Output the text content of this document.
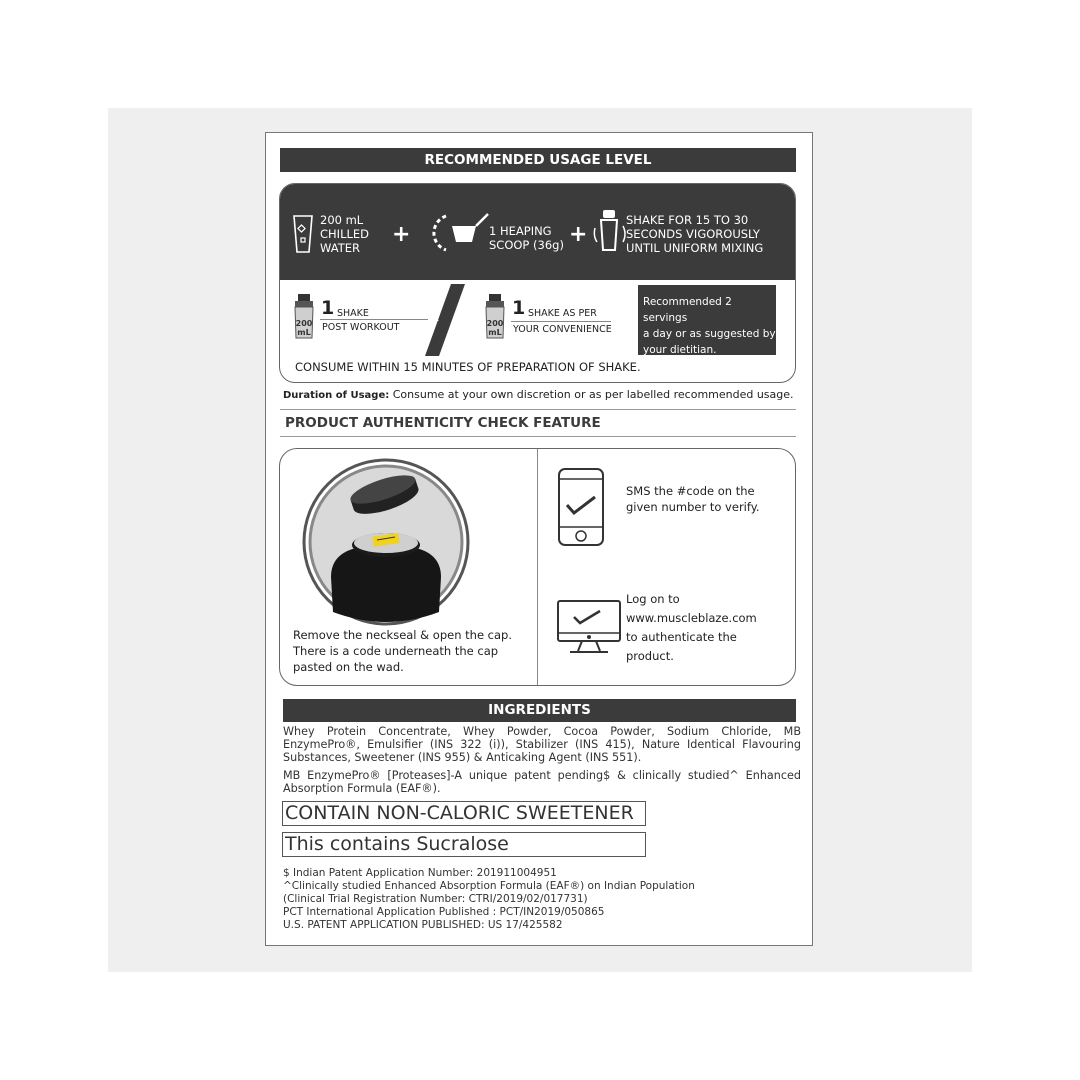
RECOMMENDED USAGE LEVEL
200 mL
CHILLED
WATER
+	1 HEAPING
SCOOP (36g) +
SHAKE FOR 15 TO 30
SECONDS VIGOROUSLY
UNTIL UNIFORM MIXING
200
mL
1 SHAKE
POST WORKOUT
&	200
mL
1 SHAKE AS PER
YOUR CONVENIENCE
Recommended 2 servings
a day or as suggested by
your dietitian.
CONSUME WITHIN 15 MINUTES OF PREPARATION OF SHAKE.
Duration of Usage: Consume at your own discretion or as per labelled recommended usage.
PRODUCT AUTHENTICITY CHECK FEATURE
Remove the neckseal & open the cap.
There is a code underneath the cap
pasted on the wad.
SMS the #code on the
given number to verify.
Log on to
www.muscleblaze.com
to authenticate the
product.
INGREDIENTS
Whey Protein Concentrate, Whey Powder, Cocoa Powder, Sodium Chloride, MB EnzymePro®, Emulsifier (INS 322 (i)), Stabilizer (INS 415), Nature Identical Flavouring Substances, Sweetener (INS 955) & Anticaking Agent (INS 551).
MB EnzymePro® [Proteases]-A unique patent pending$ & clinically studied^ Enhanced Absorption Formula (EAF®).
CONTAIN NON-CALORIC SWEETENER
This contains Sucralose
$ Indian Patent Application Number: 201911004951
^Clinically studied Enhanced Absorption Formula (EAF®) on Indian Population
(Clinical Trial Registration Number: CTRI/2019/02/017731)
PCT International Application Published : PCT/IN2019/050865
U.S. PATENT APPLICATION PUBLISHED: US 17/425582
